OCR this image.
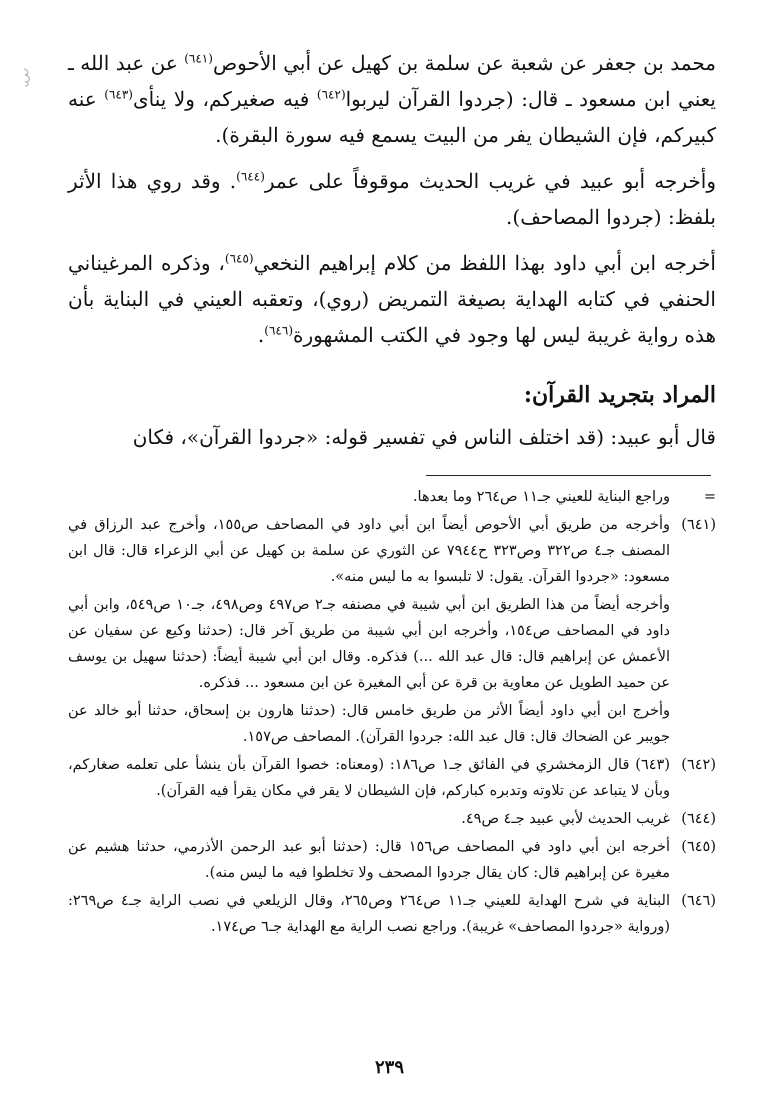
محمد بن جعفر عن شعبة عن سلمة بن كهيل عن أبي الأحوص$^{(٦٤١)}$ عن عبد الله ـ يعني ابن مسعود ـ قال: (جردوا القرآن ليربوا$^{(٦٤٢)}$ فيه صغيركم، ولا ينأى$^{(٦٤٣)}$ عنه كبيركم، فإن الشيطان يفر من البيت يسمع فيه سورة البقرة).

وأخرجه أبو عبيد في غريب الحديث موقوفاً على عمر$^{(٦٤٤)}$. وقد روي هذا الأثر بلفظ: (جردوا المصاحف).

أخرجه ابن أبي داود بهذا اللفظ من كلام إبراهيم النخعي$^{(٦٤٥)}$، وذكره المرغيناني الحنفي في كتابه الهداية بصيغة التمريض (روي)، وتعقبه العيني في البناية بأن هذه رواية غريبة ليس لها وجود في الكتب المشهورة$^{(٦٤٦)}$.

المراد بتجريد القرآن:

قال أبو عبيد: (قد اختلف الناس في تفسير قوله: «جردوا القرآن»، فكان

=
وراجع البناية للعيني جـ١١ ص٢٦٤ وما بعدها.
(٦٤١)
وأخرجه من طريق أبي الأحوص أيضاً ابن أبي داود في المصاحف ص١٥٥، وأخرج عبد الرزاق في المصنف جـ٤ ص٣٢٢ وص٣٢٣ ح٧٩٤٤ عن الثوري عن سلمة بن كهيل عن أبي الزعراء قال: قال ابن مسعود: «جردوا القرآن. يقول: لا تلبسوا به ما ليس منه».
وأخرجه أيضاً من هذا الطريق ابن أبي شيبة في مصنفه جـ٢ ص٤٩٧ وص٤٩٨، جـ١٠ ص٥٤٩، وابن أبي داود في المصاحف ص١٥٤، وأخرجه ابن أبي شيبة من طريق آخر قال: (حدثنا وكيع عن سفيان عن الأعمش عن إبراهيم قال: قال عبد الله ...) فذكره. وقال ابن أبي شيبة أيضاً: (حدثنا سهيل بن يوسف عن حميد الطويل عن معاوية بن قرة عن أبي المغيرة عن ابن مسعود ... فذكره.
وأخرج ابن أبي داود أيضاً الأثر من طريق خامس قال: (حدثنا هارون بن إسحاق، حدثنا أبو خالد عن جويبر عن الضحاك قال: قال عبد الله: جردوا القرآن). المصاحف ص١٥٧.
(٦٤٢)
(٦٤٣) قال الزمخشري في الفائق جـ١ ص١٨٦: (ومعناه: خصوا القرآن بأن ينشأ على تعلمه صغاركم، وبأن لا يتباعد عن تلاوته وتدبره كباركم، فإن الشيطان لا يقر في مكان يقرأ فيه القرآن).
(٦٤٤)
غريب الحديث لأبي عبيد جـ٤ ص٤٩.
(٦٤٥)
أخرجه ابن أبي داود في المصاحف ص١٥٦ قال: (حدثنا أبو عبد الرحمن الأذرمي، حدثنا هشيم عن مغيرة عن إبراهيم قال: كان يقال جردوا المصحف ولا تخلطوا فيه ما ليس منه).
(٦٤٦)
البناية في شرح الهداية للعيني جـ١١ ص٢٦٤ وص٢٦٥، وقال الزيلعي في نصب الراية جـ٤ ص٢٦٩: (ورواية «جردوا المصاحف» غريبة). وراجع نصب الراية مع الهداية جـ٦ ص١٧٤.
٢٣٩
